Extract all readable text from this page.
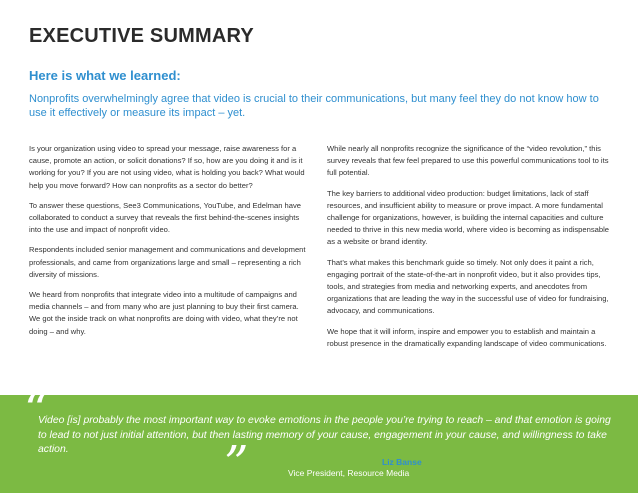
EXECUTIVE SUMMARY
Here is what we learned:
Nonprofits overwhelmingly agree that video is crucial to their communications, but many feel they do not know how to use it effectively or measure its impact – yet.

Is your organization using video to spread your message, raise awareness for a cause, promote an action, or solicit donations? If so, how are you doing it and is it working for you? If you are not using video, what is holding you back? What would help you move forward? How can nonprofits as a sector do better?

To answer these questions, See3 Communications, YouTube, and Edelman have collaborated to conduct a survey that reveals the first behind-the-scenes insights into the use and impact of nonprofit video.

Respondents included senior management and communications and development professionals, and came from organizations large and small – representing a rich diversity of missions.

We heard from nonprofits that integrate video into a multitude of campaigns and media channels – and from many who are just planning to buy their first camera. We got the inside track on what nonprofits are doing with video, what they’re not doing – and why.

While nearly all nonprofits recognize the significance of the “video revolution,” this survey reveals that few feel prepared to use this powerful communications tool to its full potential.

The key barriers to additional video production: budget limitations, lack of staff resources, and insufficient ability to measure or prove impact. A more fundamental challenge for organizations, however, is building the internal capacities and culture needed to thrive in this new media world, where video is becoming as indispensable as a website or brand identity.

That’s what makes this benchmark guide so timely. Not only does it paint a rich, engaging portrait of the state-of-the-art in nonprofit video, but it also provides tips, tools, and strategies from media and networking experts, and anecdotes from organizations that are leading the way in the successful use of video for fundraising, advocacy, and communications.

We hope that it will inform, inspire and empower you to establish and maintain a robust presence in the dramatically expanding landscape of video communications.

“
Video [is] probably the most important way to evoke emotions in the people you’re trying to reach – and that emotion is going to lead to not just initial attention, but then lasting memory of your cause, engagement in your cause, and willingness to take action.	”	Liz Banse
Vice President, Resource Media
